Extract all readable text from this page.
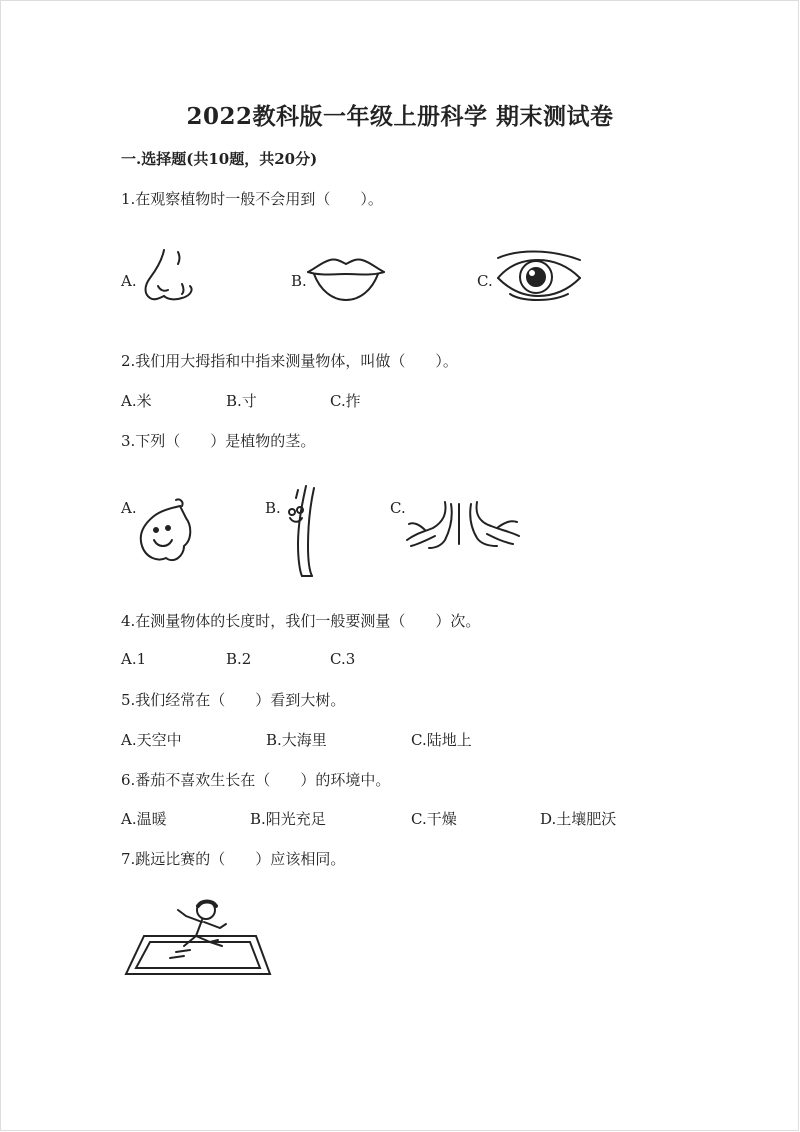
2022教科版一年级上册科学 期末测试卷
一.选择题(共10题，共20分)
1.在观察植物时一般不会用到（　　）。
A.	B.	C.
2.我们用大拇指和中指来测量物体，叫做（　　）。
A.米	B.寸	C.拃
3.下列（　　）是植物的茎。
A.	B.	C.
4.在测量物体的长度时，我们一般要测量（　　）次。
A.1	B.2	C.3
5.我们经常在（　　）看到大树。
A.天空中	B.大海里	C.陆地上
6.番茄不喜欢生长在（　　）的环境中。
A.温暖	B.阳光充足	C.干燥	D.土壤肥沃
7.跳远比赛的（　　）应该相同。
